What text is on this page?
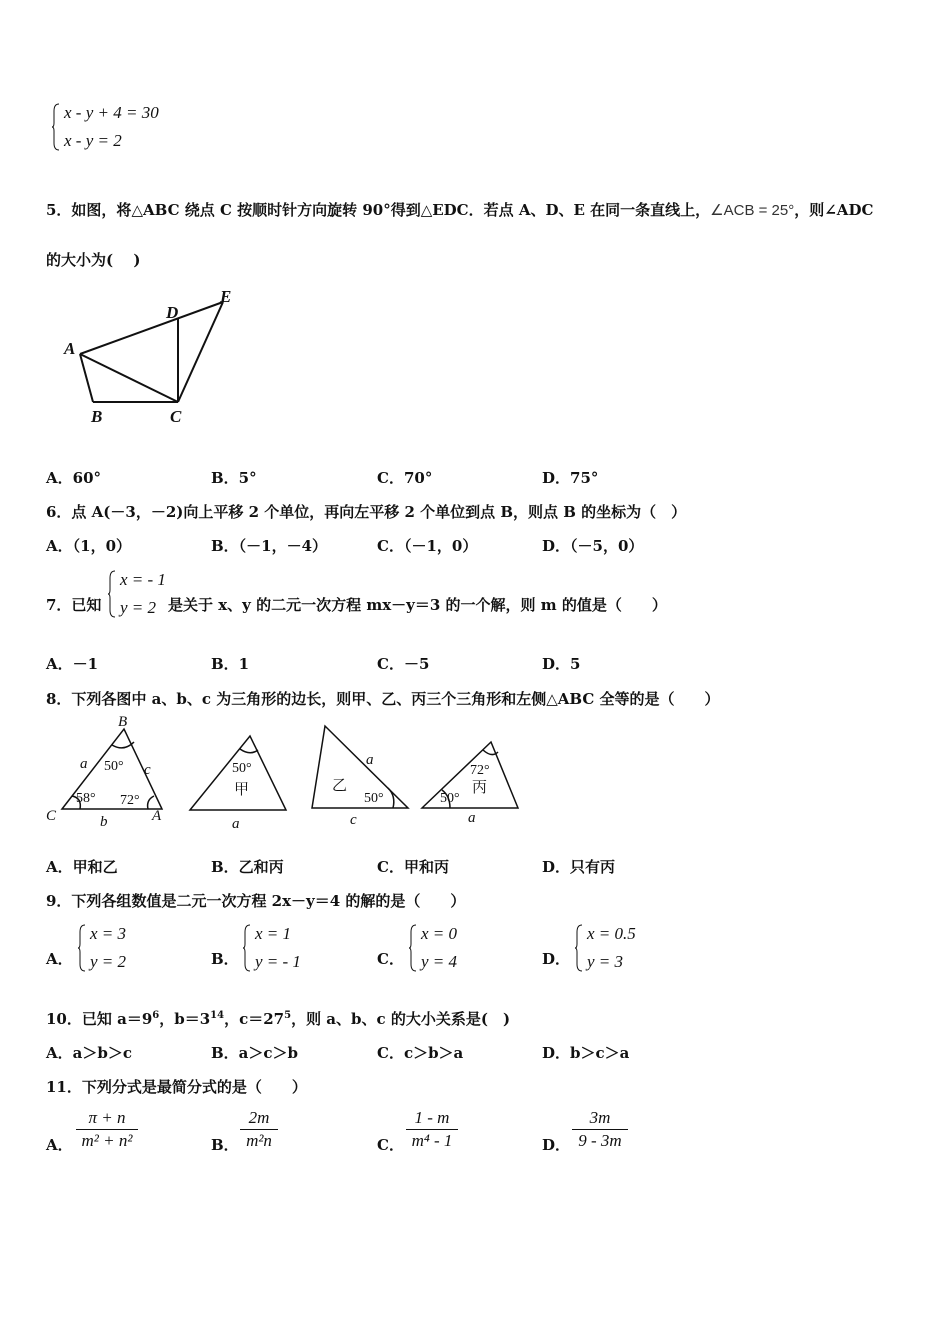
x - y + 4 = 30
x - y = 2
5．如图，将△ABC 绕点 C 按顺时针方向旋转 90°得到△EDC．若点 A、D、E 在同一条直线上，∠ACB = 25°，则∠ADC
的大小为(　 )
A
B	C
D
E
A．60°	B．5°	C．70°	D．75°
6．点 A(－3，－2)向上平移 2 个单位，再向左平移 2 个单位到点 B，则点 B 的坐标为（　）
A．（1，0）	B．（－1，－4）	C．（－1，0）	D．（－5，0）
7．已知
x = - 1
y = 2 是关于 x、y 的二元一次方程 mx－y＝3 的一个解，则 m 的值是（　　）
A．－1	B．1	C．－5	D．5
8．下列各图中 a、b、c 为三角形的边长，则甲、乙、丙三个三角形和左侧△ABC 全等的是（　　）
B
C	A
a	c
b	a
a
c	a
50°
58° 72°
50°
50°
72°
50°
甲	乙	丙
A．甲和乙	B．乙和丙	C．甲和丙	D．只有丙
9．下列各组数值是二元一次方程 2x－y＝4 的解的是（　　）
A．
x = 3
y = 2	B．
x = 1
y = - 1	C．
x = 0
y = 4	D．
x = 0.5
y = 3
10．已知 $a=9^6$，$b=3^{14}$，$c=27^5$，则 a、b、c 的大小关系是(　)
A．a＞b＞c	B．a＞c＞b	C．c＞b＞a	D．b＞c＞a
11．下列分式是最简分式的是（　　）
A．
π + n
m² + n²	B．
2m
m²n	C．
1 - m
m⁴ - 1	D．
3m
9 - 3m
